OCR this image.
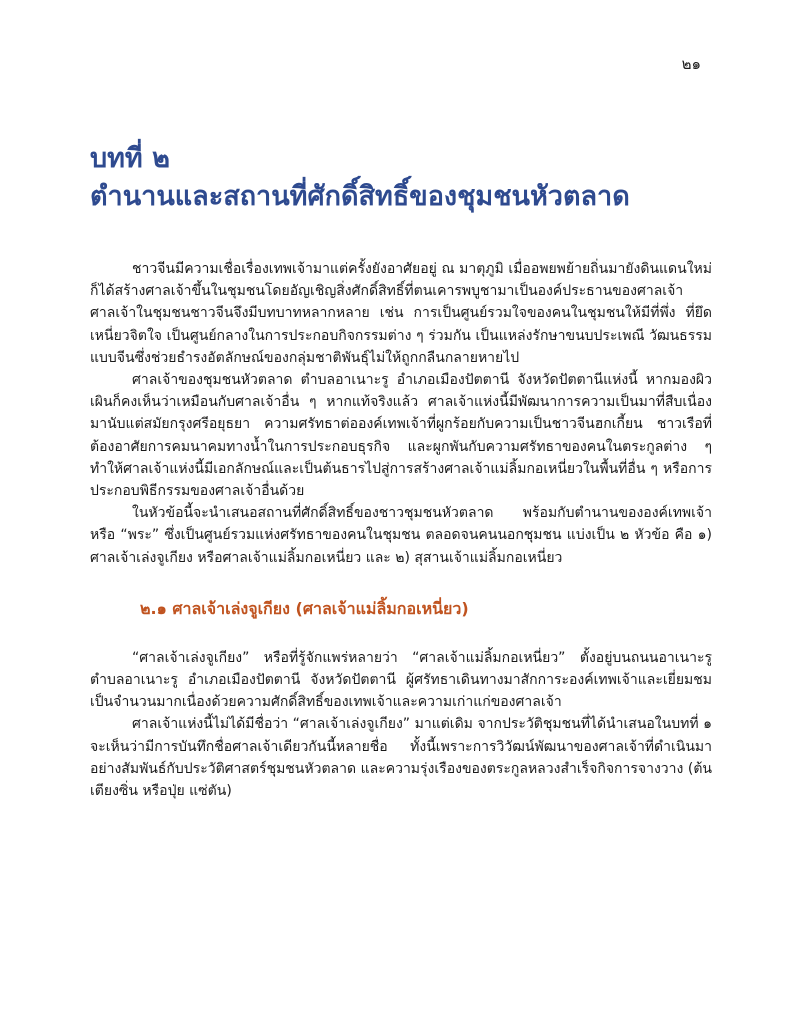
๒๑
บทที่ ๒
ตำนานและสถานที่ศักดิ์สิทธิ์ของชุมชนหัวตลาด

ชาวจีนมีความเชื่อเรื่องเทพเจ้ามาแต่ครั้งยังอาศัยอยู่ ณ มาตุภูมิ เมื่ออพยพย้ายถิ่นมายังดินแดนใหม่ก็ได้สร้างศาลเจ้าขึ้นในชุมชนโดยอัญเชิญสิ่งศักดิ์สิทธิ์ที่ตนเคารพบูชามาเป็นองค์ประธานของศาลเจ้า ศาลเจ้าในชุมชนชาวจีนจึงมีบทบาทหลากหลาย เช่น การเป็นศูนย์รวมใจของคนในชุมชนให้มีที่พึ่ง ที่ยึดเหนี่ยวจิตใจ เป็นศูนย์กลางในการประกอบกิจกรรมต่าง ๆ ร่วมกัน เป็นแหล่งรักษาขนบประเพณี วัฒนธรรมแบบจีนซึ่งช่วยธำรงอัตลักษณ์ของกลุ่มชาติพันธุ์ไม่ให้ถูกกลืนกลายหายไป

ศาลเจ้าของชุมชนหัวตลาด ตำบลอาเนาะรู อำเภอเมืองปัตตานี จังหวัดปัตตานีแห่งนี้ หากมองผิวเผินก็คงเห็นว่าเหมือนกับศาลเจ้าอื่น ๆ หากแท้จริงแล้ว ศาลเจ้าแห่งนี้มีพัฒนาการความเป็นมาที่สืบเนื่องมานับแต่สมัยกรุงศรีอยุธยา ความศรัทธาต่อองค์เทพเจ้าที่ผูกร้อยกับความเป็นชาวจีนฮกเกี้ยน ชาวเรือที่ต้องอาศัยการคมนาคมทางน้ำในการประกอบธุรกิจ และผูกพันกับความศรัทธาของคนในตระกูลต่าง ๆ ทำให้ศาลเจ้าแห่งนี้มีเอกลักษณ์และเป็นต้นธารไปสู่การสร้างศาลเจ้าแม่ลิ้มกอเหนี่ยวในพื้นที่อื่น ๆ หรือการประกอบพิธีกรรมของศาลเจ้าอื่นด้วย

ในหัวข้อนี้จะนำเสนอสถานที่ศักดิ์สิทธิ์ของชาวชุมชนหัวตลาด พร้อมกับตำนานขององค์เทพเจ้า หรือ “พระ” ซึ่งเป็นศูนย์รวมแห่งศรัทธาของคนในชุมชน ตลอดจนคนนอกชุมชน แบ่งเป็น ๒ หัวข้อ คือ ๑) ศาลเจ้าเล่งจูเกียง หรือศาลเจ้าแม่ลิ้มกอเหนี่ยว และ ๒) สุสานเจ้าแม่ลิ้มกอเหนี่ยว

๒.๑ ศาลเจ้าเล่งจูเกียง (ศาลเจ้าแม่ลิ้มกอเหนี่ยว)

“ศาลเจ้าเล่งจูเกียง” หรือที่รู้จักแพร่หลายว่า “ศาลเจ้าแม่ลิ้มกอเหนี่ยว” ตั้งอยู่บนถนนอาเนาะรู ตำบลอาเนาะรู อำเภอเมืองปัตตานี จังหวัดปัตตานี ผู้ศรัทธาเดินทางมาสักการะองค์เทพเจ้าและเยี่ยมชมเป็นจำนวนมากเนื่องด้วยความศักดิ์สิทธิ์ของเทพเจ้าและความเก่าแก่ของศาลเจ้า

ศาลเจ้าแห่งนี้ไม่ได้มีชื่อว่า “ศาลเจ้าเล่งจูเกียง” มาแต่เดิม จากประวัติชุมชนที่ได้นำเสนอในบทที่ ๑ จะเห็นว่ามีการบันทึกชื่อศาลเจ้าเดียวกันนี้หลายชื่อ ทั้งนี้เพราะการวิวัฒน์พัฒนาของศาลเจ้าที่ดำเนินมาอย่างสัมพันธ์กับประวัติศาสตร์ชุมชนหัวตลาด และความรุ่งเรืองของตระกูลหลวงสำเร็จกิจการจางวาง (ต้นเตียงซิ่น หรือปุ่ย แซ่ตัน)
